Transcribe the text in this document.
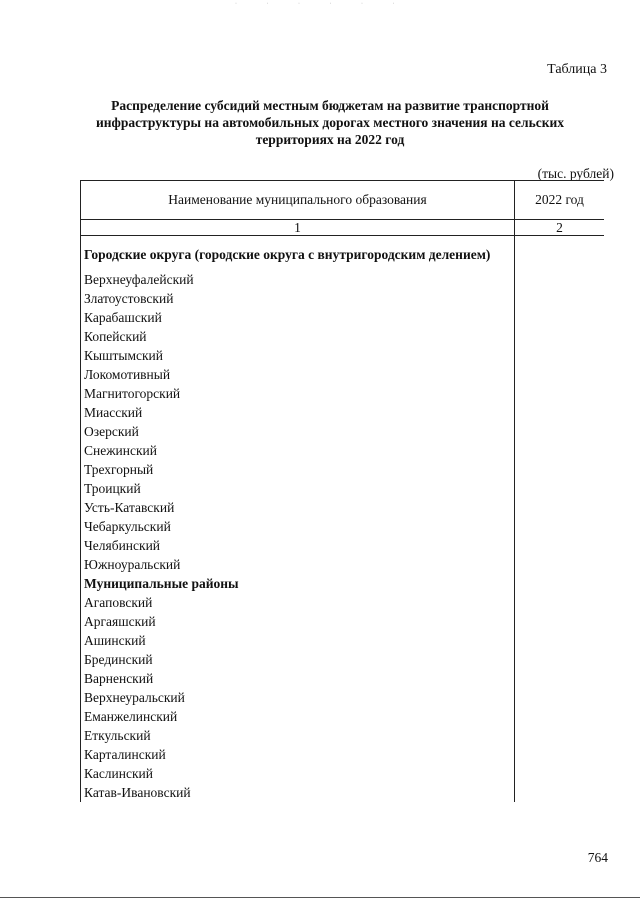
· · · · · ·
Таблица 3
Распределение субсидий местным бюджетам на развитие транспортной инфраструктуры на автомобильных дорогах местного значения на сельских территориях на 2022 год
(тыс. рублей)
Наименование муниципального образования	2022 год
1	2
Городские округа (городские округа с внутригородским делением)	
Верхнеуфалейский	
Златоустовский	
Карабашский	
Копейский	
Кыштымский	
Локомотивный	
Магнитогорский	
Миасский	
Озерский	
Снежинский	
Трехгорный	
Троицкий	
Усть-Катавский	
Чебаркульский	
Челябинский	
Южноуральский	
Муниципальные районы	
Агаповский	
Аргаяшский	
Ашинский	
Брединский	
Варненский	
Верхнеуральский	
Еманжелинский	
Еткульский	
Карталинский	
Каслинский	
Катав-Ивановский	
764
